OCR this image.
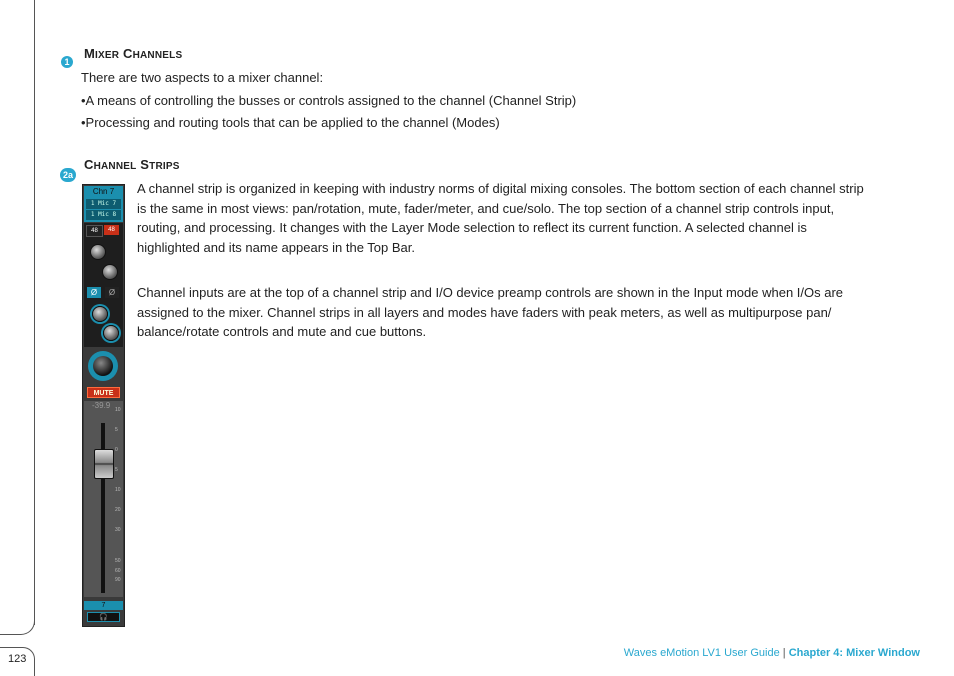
123
1
MIXER CHANNELS
There are two aspects to a mixer channel:
•A means of controlling the busses or controls assigned to the channel (Channel Strip)
•Processing and routing tools that can be applied to the channel (Modes)
2a
CHANNEL STRIPS
A channel strip is organized in keeping with industry norms of digital mixing consoles. The bottom section of each channel strip
is the same in most views: pan/rotation, mute, fader/meter, and cue/solo. The top section of a channel strip controls input,
routing, and processing. It changes with the Layer Mode selection to reflect its current function. A selected channel is
highlighted and its name appears in the Top Bar.
Channel inputs are at the top of a channel strip and I/O device preamp controls are shown in the Input mode when I/Os are
assigned to the mixer. Channel strips in all layers and modes have faders with peak meters, as well as multipurpose pan/
balance/rotate controls and mute and cue buttons.
Chn 7
1 Mic 7
1 Mic 8
48	48
Ø	Ø
MUTE
-39.9 10
5
0
5
10
20
30
50
60
90
7
🎧
Waves eMotion LV1 User Guide | Chapter 4: Mixer Window
